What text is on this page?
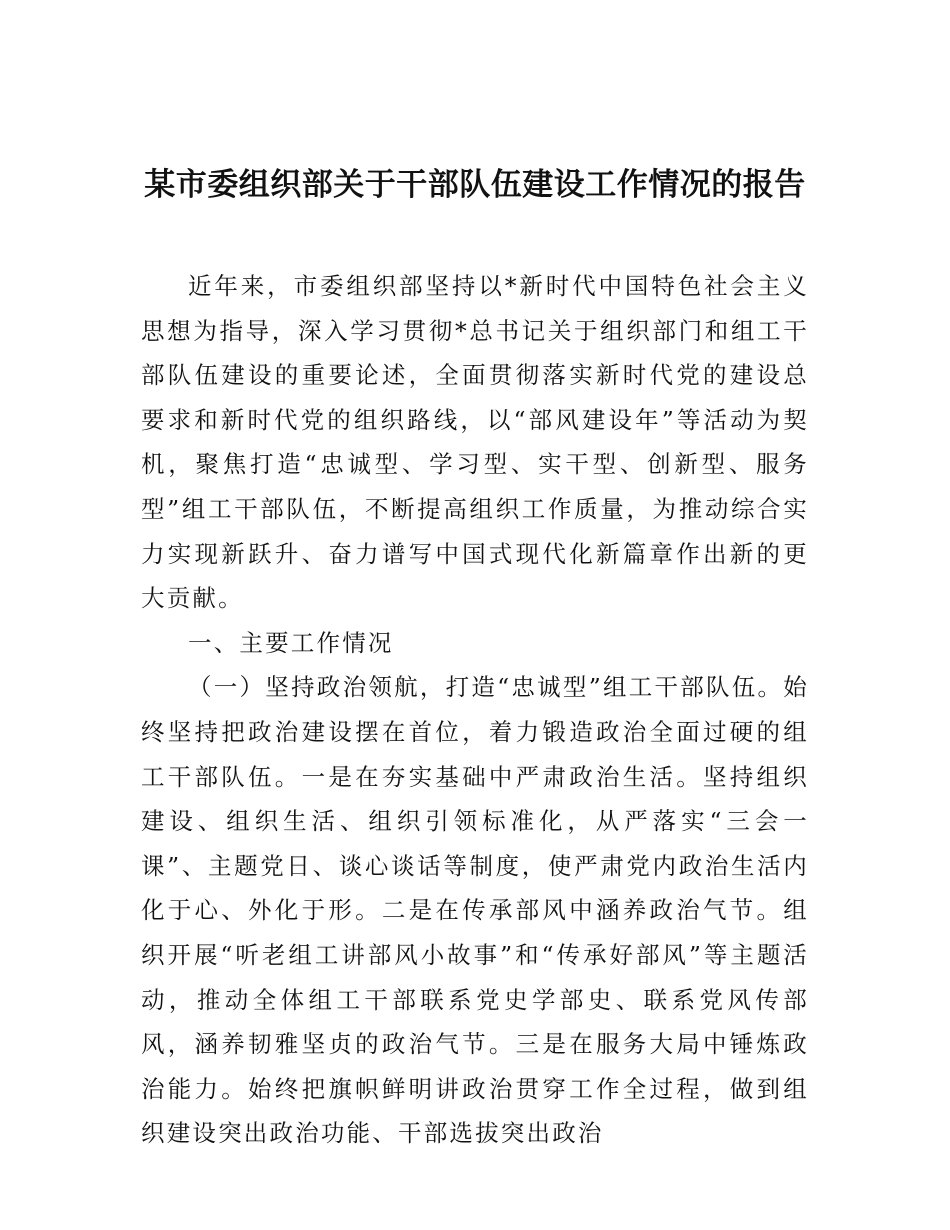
某市委组织部关于干部队伍建设工作情况的报告

近年来，市委组织部坚持以*新时代中国特色社会主义思想为指导，深入学习贯彻*总书记关于组织部门和组工干部队伍建设的重要论述，全面贯彻落实新时代党的建设总要求和新时代党的组织路线，以“部风建设年”等活动为契机，聚焦打造“忠诚型、学习型、实干型、创新型、服务型”组工干部队伍，不断提高组织工作质量，为推动综合实力实现新跃升、奋力谱写中国式现代化新篇章作出新的更大贡献。

一、主要工作情况

（一）坚持政治领航，打造“忠诚型”组工干部队伍。始终坚持把政治建设摆在首位，着力锻造政治全面过硬的组工干部队伍。一是在夯实基础中严肃政治生活。坚持组织建设、组织生活、组织引领标准化，从严落实“三会一课”、主题党日、谈心谈话等制度，使严肃党内政治生活内化于心、外化于形。二是在传承部风中涵养政治气节。组织开展“听老组工讲部风小故事”和“传承好部风”等主题活动，推动全体组工干部联系党史学部史、联系党风传部风，涵养韧雅坚贞的政治气节。三是在服务大局中锤炼政治能力。始终把旗帜鲜明讲政治贯穿工作全过程，做到组织建设突出政治功能、干部选拔突出政治
